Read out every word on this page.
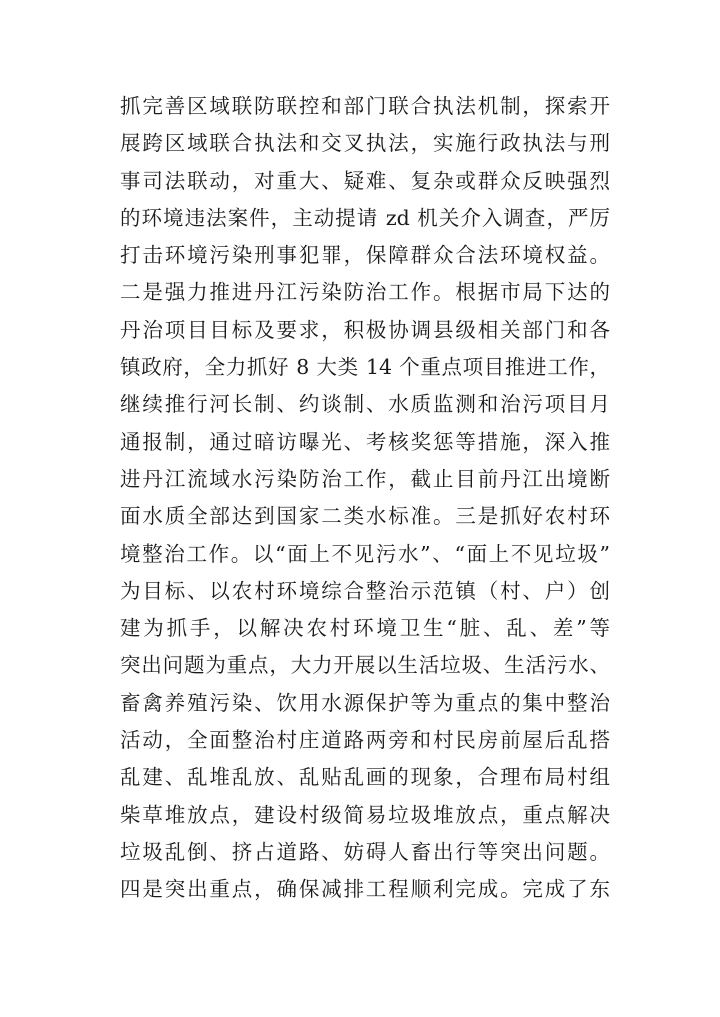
抓完善区域联防联控和部门联合执法机制，探索开
展跨区域联合执法和交叉执法，实施行政执法与刑
事司法联动，对重大、疑难、复杂或群众反映强烈
的环境违法案件，主动提请 zd 机关介入调查，严厉
打击环境污染刑事犯罪，保障群众合法环境权益。
二是强力推进丹江污染防治工作。根据市局下达的
丹治项目目标及要求，积极协调县级相关部门和各
镇政府，全力抓好 8 大类 14 个重点项目推进工作，
继续推行河长制、约谈制、水质监测和治污项目月
通报制，通过暗访曝光、考核奖惩等措施，深入推
进丹江流域水污染防治工作，截止目前丹江出境断
面水质全部达到国家二类水标准。三是抓好农村环
境整治工作。以“面上不见污水”、“面上不见垃圾”
为目标、以农村环境综合整治示范镇（村、户）创
建为抓手，以解决农村环境卫生“脏、乱、差”等
突出问题为重点，大力开展以生活垃圾、生活污水、
畜禽养殖污染、饮用水源保护等为重点的集中整治
活动，全面整治村庄道路两旁和村民房前屋后乱搭
乱建、乱堆乱放、乱贴乱画的现象，合理布局村组
柴草堆放点，建设村级简易垃圾堆放点，重点解决
垃圾乱倒、挤占道路、妨碍人畜出行等突出问题。
四是突出重点，确保减排工程顺利完成。完成了东
